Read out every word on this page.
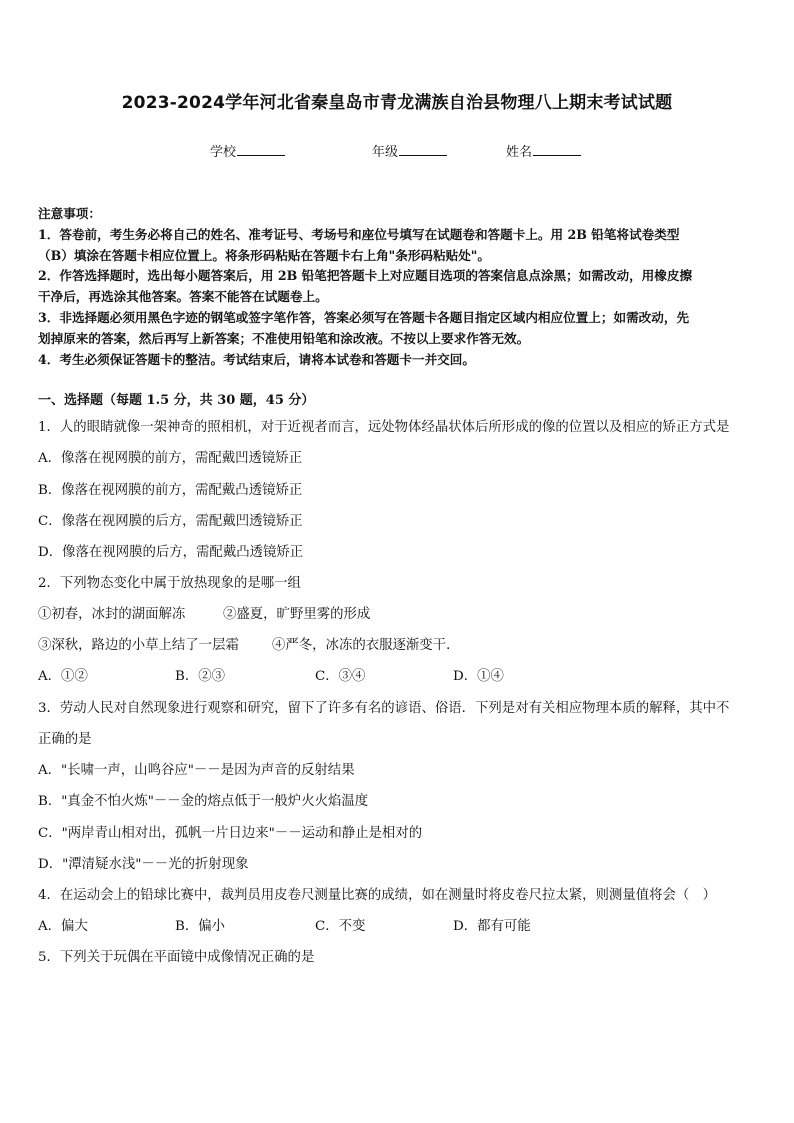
2023-2024学年河北省秦皇岛市青龙满族自治县物理八上期末考试试题
学校	年级	姓名
注意事项：
1．答卷前，考生务必将自己的姓名、准考证号、考场号和座位号填写在试题卷和答题卡上。用 2B 铅笔将试卷类型
（B）填涂在答题卡相应位置上。将条形码粘贴在答题卡右上角"条形码粘贴处"。
2．作答选择题时，选出每小题答案后，用 2B 铅笔把答题卡上对应题目选项的答案信息点涂黑；如需改动，用橡皮擦
干净后，再选涂其他答案。答案不能答在试题卷上。
3．非选择题必须用黑色字迹的钢笔或签字笔作答，答案必须写在答题卡各题目指定区域内相应位置上；如需改动，先
划掉原来的答案，然后再写上新答案；不准使用铅笔和涂改液。不按以上要求作答无效。
4．考生必须保证答题卡的整洁。考试结束后，请将本试卷和答题卡一并交回。
一、选择题（每题 1.5 分，共 30 题，45 分）
1．人的眼睛就像一架神奇的照相机，对于近视者而言，远处物体经晶状体后所形成的像的位置以及相应的矫正方式是
A．像落在视网膜的前方，需配戴凹透镜矫正
B．像落在视网膜的前方，需配戴凸透镜矫正
C．像落在视网膜的后方，需配戴凹透镜矫正
D．像落在视网膜的后方，需配戴凸透镜矫正
2．下列物态变化中属于放热现象的是哪一组
①初春，冰封的湖面解冻	②盛夏，旷野里雾的形成
③深秋，路边的小草上结了一层霜 ④严冬，冰冻的衣服逐渐变干．
A．①②	B．②③	C．③④	D．①④
3．劳动人民对自然现象进行观察和研究，留下了许多有名的谚语、俗语．下列是对有关相应物理本质的解释，其中不
正确的是
A．"长啸一声，山鸣谷应"－－是因为声音的反射结果
B．"真金不怕火炼"－－金的熔点低于一般炉火火焰温度
C．"两岸青山相对出，孤帆一片日边来"－－运动和静止是相对的
D．"潭清疑水浅"－－光的折射现象
4．在运动会上的铅球比赛中，裁判员用皮卷尺测量比赛的成绩，如在测量时将皮卷尺拉太紧，则测量值将会（　）
A．偏大	B．偏小	C．不变	D．都有可能
5．下列关于玩偶在平面镜中成像情况正确的是
